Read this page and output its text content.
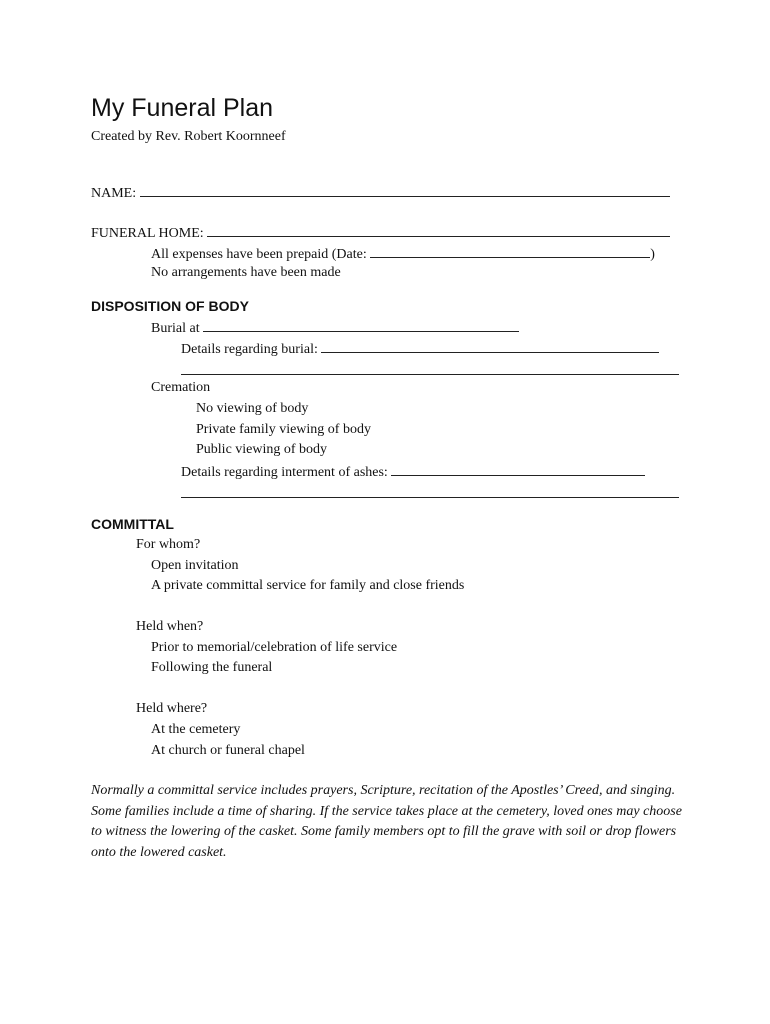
My Funeral Plan
Created by Rev. Robert Koornneef
NAME:
FUNERAL HOME:
All expenses have been prepaid (Date:	)
No arrangements have been made
DISPOSITION OF BODY
Burial at
Details regarding burial:
Cremation
No viewing of body
Private family viewing of body
Public viewing of body
Details regarding interment of ashes:
COMMITTAL
For whom?
Open invitation
A private committal service for family and close friends
Held when?
Prior to memorial/celebration of life service
Following the funeral
Held where?
At the cemetery
At church or funeral chapel
Normally a committal service includes prayers, Scripture, recitation of the Apostles’ Creed, and singing. Some families include a time of sharing. If the service takes place at the cemetery, loved ones may choose to witness the lowering of the casket. Some family members opt to fill the grave with soil or drop flowers onto the lowered casket.
